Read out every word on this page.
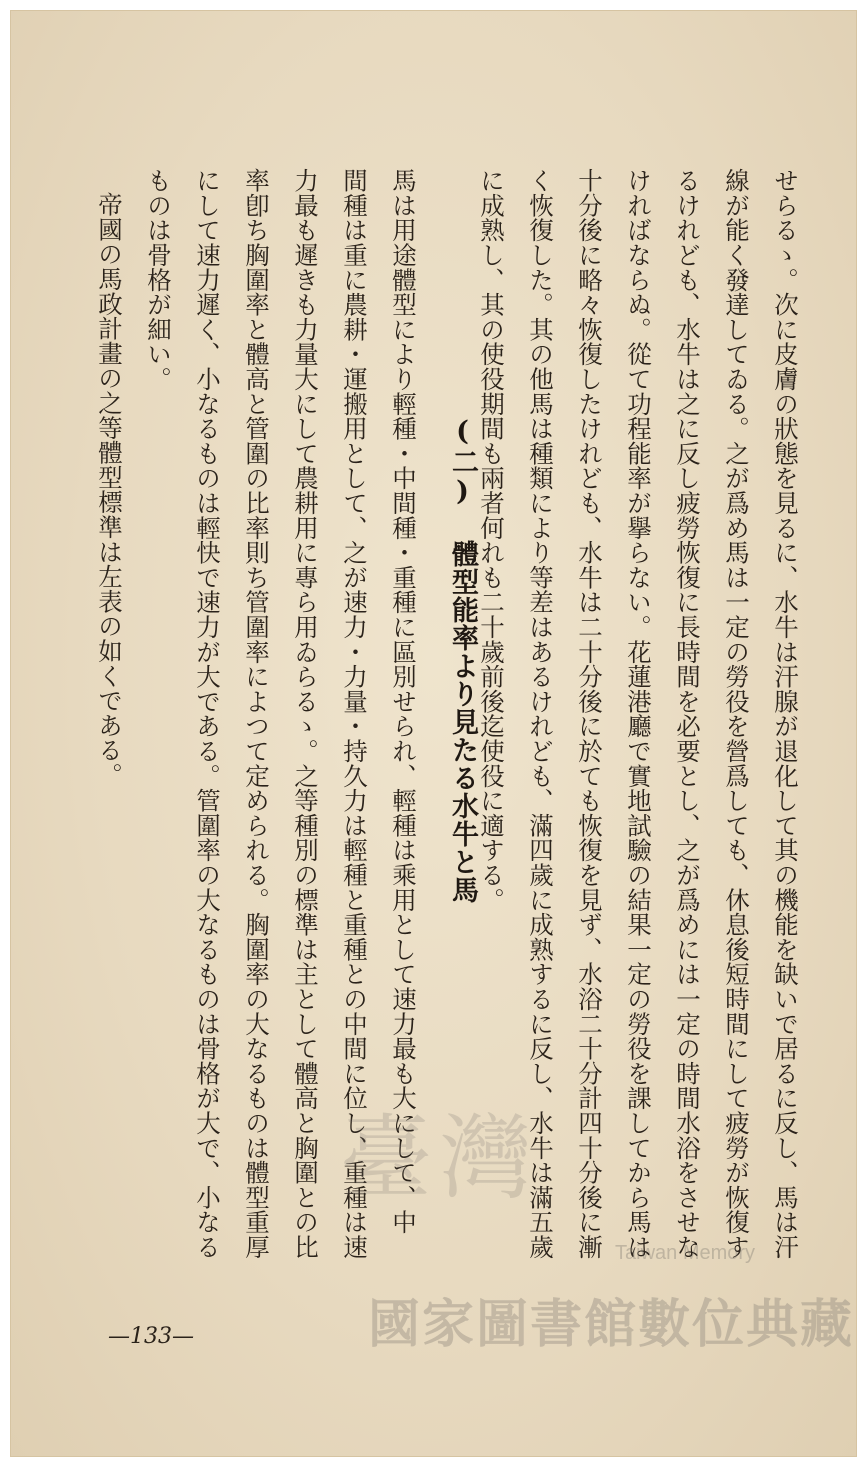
せらるゝ。次に皮膚の狀態を見るに、水牛は汗腺が退化して其の機能を缺いで居るに反し、馬は汗
線が能く發達してゐる。之が爲め馬は一定の勞役を營爲しても、休息後短時間にして疲勞が恢復す
るけれども、水牛は之に反し疲勞恢復に長時間を必要とし、之が爲めには一定の時間水浴をさせな
ければならぬ。從て功程能率が擧らない。花蓮港廳で實地試驗の結果一定の勞役を課してから馬は
十分後に略々恢復したけれども、水牛は二十分後に於ても恢復を見ず、水浴二十分計四十分後に漸
く恢復した。其の他馬は種類により等差はあるけれども、滿四歲に成熟するに反し、水牛は滿五歲
に成熟し、其の使役期間も兩者何れも二十歲前後迄使役に適する。
(二) 體型能率より見たる水牛と馬
馬は用途體型により輕種・中間種・重種に區別せられ、輕種は乘用として速力最も大にして、中
間種は重に農耕・運搬用として、之が速力・力量・持久力は輕種と重種との中間に位し、重種は速
力最も遲きも力量大にして農耕用に專ら用ゐらるゝ。之等種別の標準は主として體高と胸圍との比
率卽ち胸圍率と體高と管圍の比率則ち管圍率によつて定められる。胸圍率の大なるものは體型重厚
にして速力遲く、小なるものは輕快で速力が大である。管圍率の大なるものは骨格が大で、小なる
ものは骨格が細い。
帝國の馬政計畫の之等體型標準は左表の如くである。
—133—
臺灣
Taiwan Memory
國家圖書館數位典藏
